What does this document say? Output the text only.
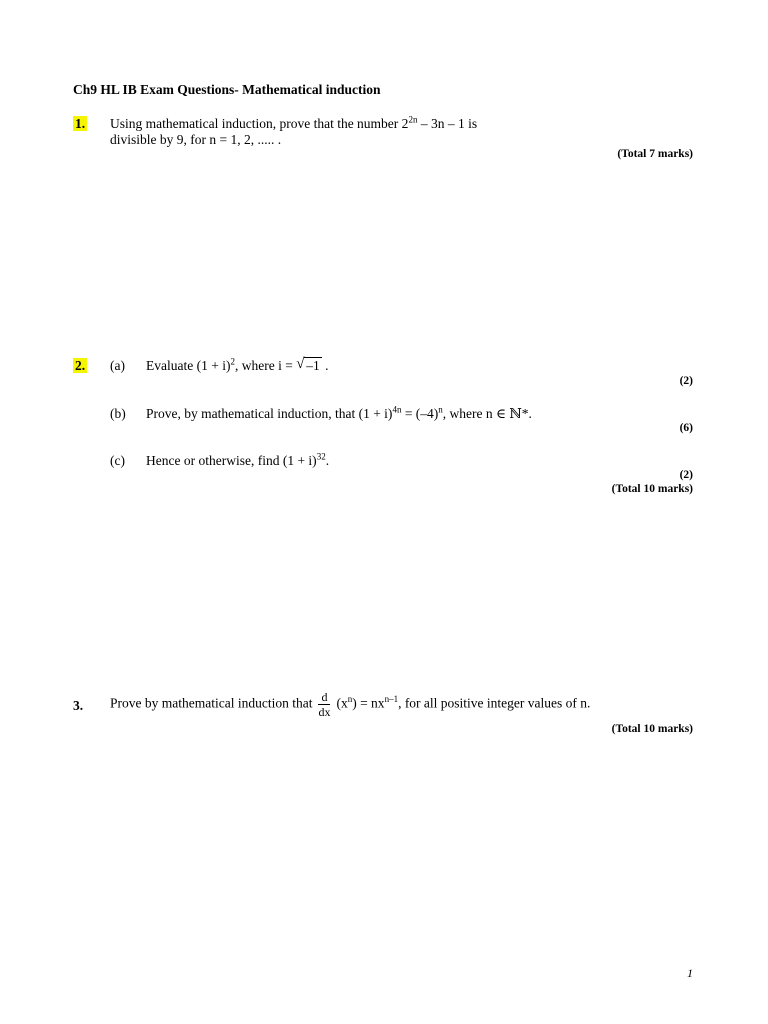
Ch9 HL IB Exam Questions- Mathematical induction
1. Using mathematical induction, prove that the number $2^{2n} - 3n - 1$ is
divisible by 9, for n = 1, 2, ..... .
(Total 7 marks)
2. (a) Evaluate $(1 + i)^2$, where i = √ –1 .
(2)
(b) Prove, by mathematical induction, that $(1 + i)^{4n} = (-4)^n$, where n ∈ ℕ*.
(6)
(c) Hence or otherwise, find $(1 + i)^{32}$.
(2)
(Total 10 marks)
3. Prove by mathematical induction that $\frac{d}{dx} (x^n) = nx^{n-1}$, for all positive integer values of n.
(Total 10 marks)
1
